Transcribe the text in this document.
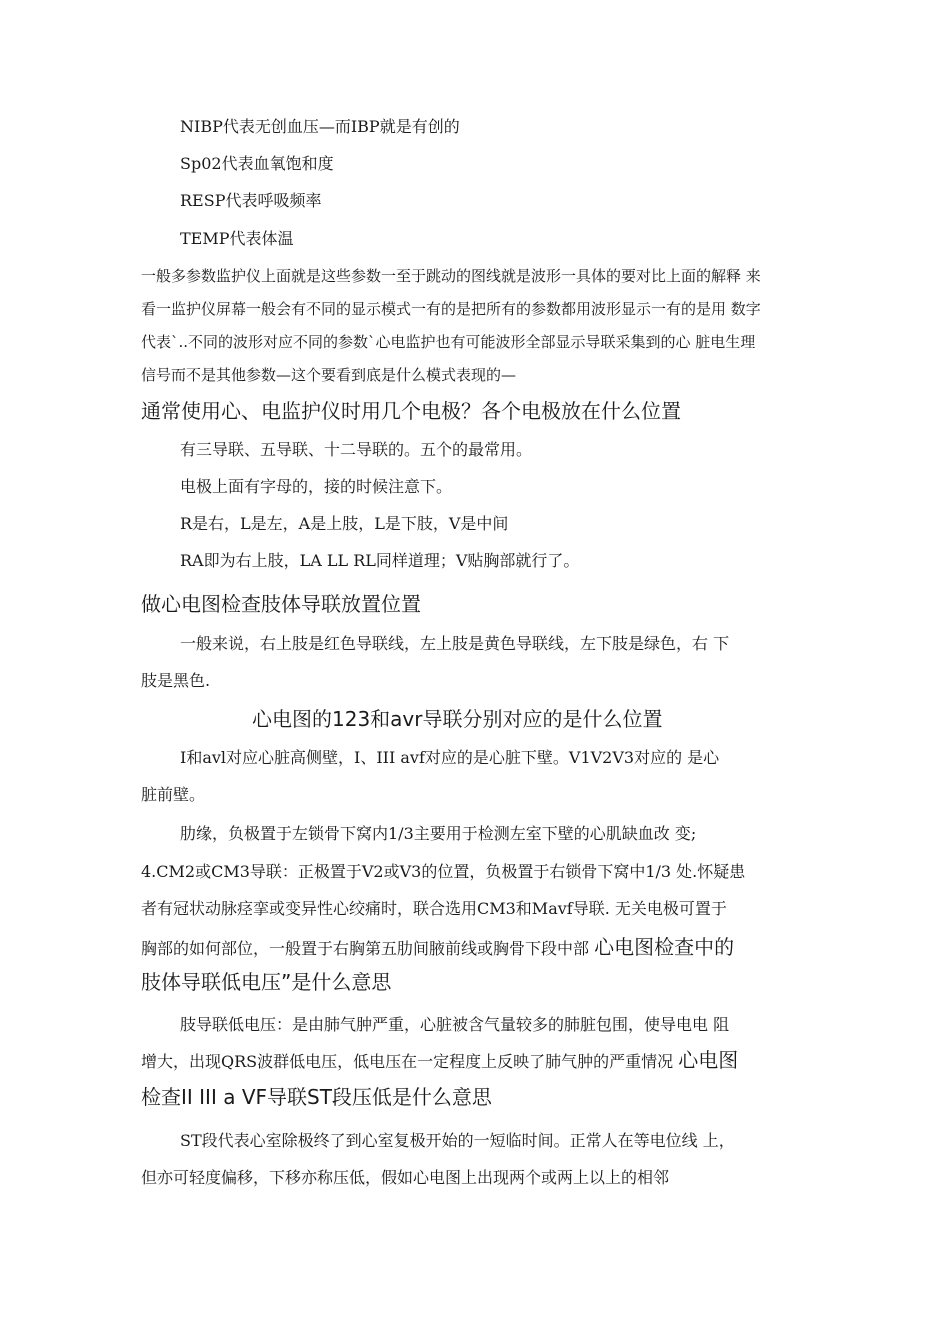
NIBP代表无创血压—而IBP就是有创的

Sp02代表血氧饱和度

RESP代表呼吸频率

TEMP代表体温

一般多参数监护仪上面就是这些参数一至于跳动的图线就是波形一具体的要对比上面的解释 来

看一监护仪屏幕一般会有不同的显示模式一有的是把所有的参数都用波形显示一有的是用 数字

代表`..不同的波形对应不同的参数`心电监护也有可能波形全部显示导联采集到的心 脏电生理

信号而不是其他参数—这个要看到底是什么模式表现的—

通常使用心、电监护仪时用几个电极？各个电极放在什么位置

有三导联、五导联、十二导联的。五个的最常用。

电极上面有字母的，接的时候注意下。

R是右，L是左，A是上肢，L是下肢，V是中间

RA即为右上肢，LA LL RL同样道理；V贴胸部就行了。

做心电图检查肢体导联放置位置

一般来说，右上肢是红色导联线，左上肢是黄色导联线，左下肢是绿色，右 下

肢是黑色.

心电图的123和avr导联分别对应的是什么位置

I和avl对应心脏高侧壁，I、III avf对应的是心脏下壁。V1V2V3对应的 是心

脏前壁。

肋缘，负极置于左锁骨下窝内1/3主要用于检测左室下壁的心肌缺血改 变;

4.CM2或CM3导联：正极置于V2或V3的位置，负极置于右锁骨下窝中1/3 处.怀疑患

者有冠状动脉痉挛或变异性心绞痛时，联合选用CM3和Mavf导联. 无关电极可置于

胸部的如何部位，一般置于右胸第五肋间腋前线或胸骨下段中部 心电图检查中的

肢体导联低电压”是什么意思

肢导联低电压：是由肺气肿严重，心脏被含气量较多的肺脏包围，使导电电 阻

增大，出现QRS波群低电压，低电压在一定程度上反映了肺气肿的严重情况 心电图

检查II III a VF导联ST段压低是什么意思

ST段代表心室除极终了到心室复极开始的一短临时间。正常人在等电位线 上，

但亦可轻度偏移，下移亦称压低，假如心电图上出现两个或两上以上的相邻
